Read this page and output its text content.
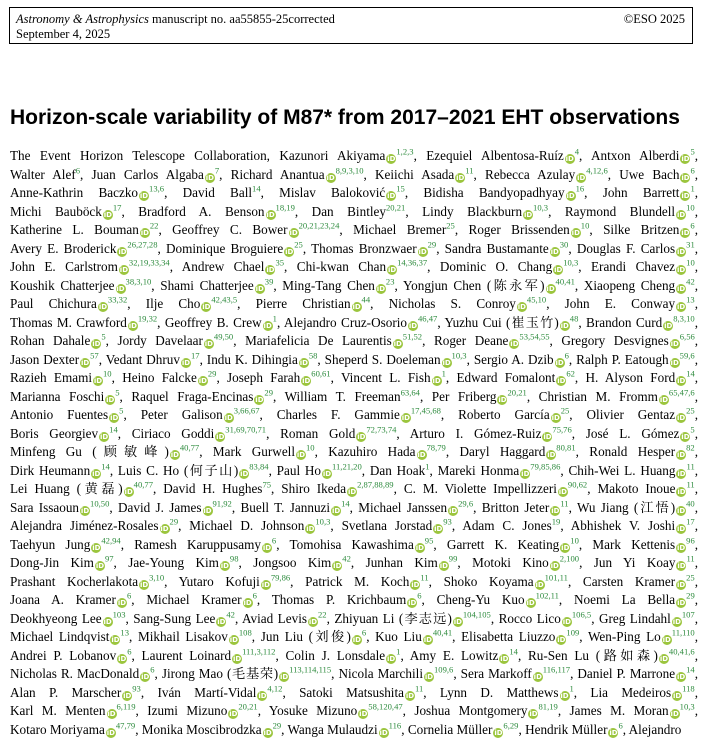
Astronomy & Astrophysics manuscript no. aa55855-25corrected	©ESO 2025
September 4, 2025
Horizon-scale variability of M87* from 2017–2021 EHT observations
The Event Horizon Telescope Collaboration, Kazunori Akiyama iD$^{1,2,3}$, Ezequiel Albentosa-Ruíz iD$^4$, Antxon Alberdi iD$^5$, Walter Alef$^6$, Juan Carlos Algaba iD$^7$, Richard Anantua iD$^{8,9,3,10}$, Keiichi Asada iD$^{11}$, Rebecca Azulay iD$^{4,12,6}$, Uwe Bach iD$^6$, Anne-Kathrin Baczko iD$^{13,6}$, David Ball$^{14}$, Mislav Baloković iD$^{15}$, Bidisha Bandyopadhyay iD$^{16}$, John Barrett iD$^1$, Michi Bauböck iD$^{17}$, Bradford A. Benson iD$^{18,19}$, Dan Bintley$^{20,21}$, Lindy Blackburn iD$^{10,3}$, Raymond Blundell iD$^{10}$, Katherine L. Bouman iD$^{22}$, Geoffrey C. Bower iD$^{20,21,23,24}$, Michael Bremer$^{25}$, Roger Brissenden iD$^{10}$, Silke Britzen iD$^6$, Avery E. Broderick iD$^{26,27,28}$, Dominique Broguiere iD$^{25}$, Thomas Bronzwaer iD$^{29}$, Sandra Bustamante iD$^{30}$, Douglas F. Carlos iD$^{31}$, John E. Carlstrom iD$^{32,19,33,34}$, Andrew Chael iD$^{35}$, Chi-kwan Chan iD$^{14,36,37}$, Dominic O. Chang iD$^{10,3}$, Erandi Chavez iD$^{10}$, Koushik Chatterjee iD$^{38,3,10}$, Shami Chatterjee iD$^{39}$, Ming-Tang Chen iD$^{23}$, Yongjun Chen (陈永军) iD$^{40,41}$, Xiaopeng Cheng iD$^{42}$, Paul Chichura iD$^{33,32}$, Ilje Cho iD$^{42,43,5}$, Pierre Christian iD$^{44}$, Nicholas S. Conroy iD$^{45,10}$, John E. Conway iD$^{13}$, Thomas M. Crawford iD$^{19,32}$, Geoffrey B. Crew iD$^1$, Alejandro Cruz-Osorio iD$^{46,47}$, Yuzhu Cui (崔玉竹) iD$^{48}$, Brandon Curd iD$^{8,3,10}$, Rohan Dahale iD$^5$, Jordy Davelaar iD$^{49,50}$, Mariafelicia De Laurentis iD$^{51,52}$, Roger Deane iD$^{53,54,55}$, Gregory Desvignes iD$^{6,56}$, Jason Dexter iD$^{57}$, Vedant Dhruv iD$^{17}$, Indu K. Dihingia iD$^{58}$, Sheperd S. Doeleman iD$^{10,3}$, Sergio A. Dzib iD$^6$, Ralph P. Eatough iD$^{59,6}$, Razieh Emami iD$^{10}$, Heino Falcke iD$^{29}$, Joseph Farah iD$^{60,61}$, Vincent L. Fish iD$^1$, Edward Fomalont iD$^{62}$, H. Alyson Ford iD$^{14}$, Marianna Foschi iD$^5$, Raquel Fraga-Encinas iD$^{29}$, William T. Freeman$^{63,64}$, Per Friberg iD$^{20,21}$, Christian M. Fromm iD$^{65,47,6}$, Antonio Fuentes iD$^5$, Peter Galison iD$^{3,66,67}$, Charles F. Gammie iD$^{17,45,68}$, Roberto García iD$^{25}$, Olivier Gentaz iD$^{25}$, Boris Georgiev iD$^{14}$, Ciriaco Goddi iD$^{31,69,70,71}$, Roman Gold iD$^{72,73,74}$, Arturo I. Gómez-Ruiz iD$^{75,76}$, José L. Gómez iD$^5$, Minfeng Gu (顾敏峰) iD$^{40,77}$, Mark Gurwell iD$^{10}$, Kazuhiro Hada iD$^{78,79}$, Daryl Haggard iD$^{80,81}$, Ronald Hesper iD$^{82}$, Dirk Heumann iD$^{14}$, Luis C. Ho (何子山) iD$^{83,84}$, Paul Ho iD$^{11,21,20}$, Dan Hoak$^1$, Mareki Honma iD$^{79,85,86}$, Chih-Wei L. Huang iD$^{11}$, Lei Huang (黄磊) iD$^{40,77}$, David H. Hughes$^{75}$, Shiro Ikeda iD$^{2,87,88,89}$, C. M. Violette Impellizzeri iD$^{90,62}$, Makoto Inoue iD$^{11}$, Sara Issaoun iD$^{10,50}$, David J. James iD$^{91,92}$, Buell T. Jannuzi iD$^{14}$, Michael Janssen iD$^{29,6}$, Britton Jeter iD$^{11}$, Wu Jiang (江悟) iD$^{40}$, Alejandra Jiménez-Rosales iD$^{29}$, Michael D. Johnson iD$^{10,3}$, Svetlana Jorstad iD$^{93}$, Adam C. Jones$^{19}$, Abhishek V. Joshi iD$^{17}$, Taehyun Jung iD$^{42,94}$, Ramesh Karuppusamy iD$^6$, Tomohisa Kawashima iD$^{95}$, Garrett K. Keating iD$^{10}$, Mark Kettenis iD$^{96}$, Dong-Jin Kim iD$^{97}$, Jae-Young Kim iD$^{98}$, Jongsoo Kim iD$^{42}$, Junhan Kim iD$^{99}$, Motoki Kino iD$^{2,100}$, Jun Yi Koay iD$^{11}$, Prashant Kocherlakota iD$^{3,10}$, Yutaro Kofuji iD$^{79,86}$, Patrick M. Koch iD$^{11}$, Shoko Koyama iD$^{101,11}$, Carsten Kramer iD$^{25}$, Joana A. Kramer iD$^6$, Michael Kramer iD$^6$, Thomas P. Krichbaum iD$^6$, Cheng-Yu Kuo iD$^{102,11}$, Noemi La Bella iD$^{29}$, Deokhyeong Lee iD$^{103}$, Sang-Sung Lee iD$^{42}$, Aviad Levis iD$^{22}$, Zhiyuan Li (李志远) iD$^{104,105}$, Rocco Lico iD$^{106,5}$, Greg Lindahl iD$^{107}$, Michael Lindqvist iD$^{13}$, Mikhail Lisakov iD$^{108}$, Jun Liu (刘俊) iD$^6$, Kuo Liu iD$^{40,41}$, Elisabetta Liuzzo iD$^{109}$, Wen-Ping Lo iD$^{11,110}$, Andrei P. Lobanov iD$^6$, Laurent Loinard iD$^{111,3,112}$, Colin J. Lonsdale iD$^1$, Amy E. Lowitz iD$^{14}$, Ru-Sen Lu (路如森) iD$^{40,41,6}$, Nicholas R. MacDonald iD$^6$, Jirong Mao (毛基荣) iD$^{113,114,115}$, Nicola Marchili iD$^{109,6}$, Sera Markoff iD$^{116,117}$, Daniel P. Marrone iD$^{14}$, Alan P. Marscher iD$^{93}$, Iván Martí-Vidal iD$^{4,12}$, Satoki Matsushita iD$^{11}$, Lynn D. Matthews iD$^1$, Lia Medeiros iD$^{118}$, Karl M. Menten iD$^{6,119}$, Izumi Mizuno iD$^{20,21}$, Yosuke Mizuno iD$^{58,120,47}$, Joshua Montgomery iD$^{81,19}$, James M. Moran iD$^{10,3}$, Kotaro Moriyama iD$^{47,79}$, Monika Moscibrodzka iD$^{29}$, Wanga Mulaudzi iD$^{116}$, Cornelia Müller iD$^{6,29}$, Hendrik Müller iD$^6$, Alejandro
